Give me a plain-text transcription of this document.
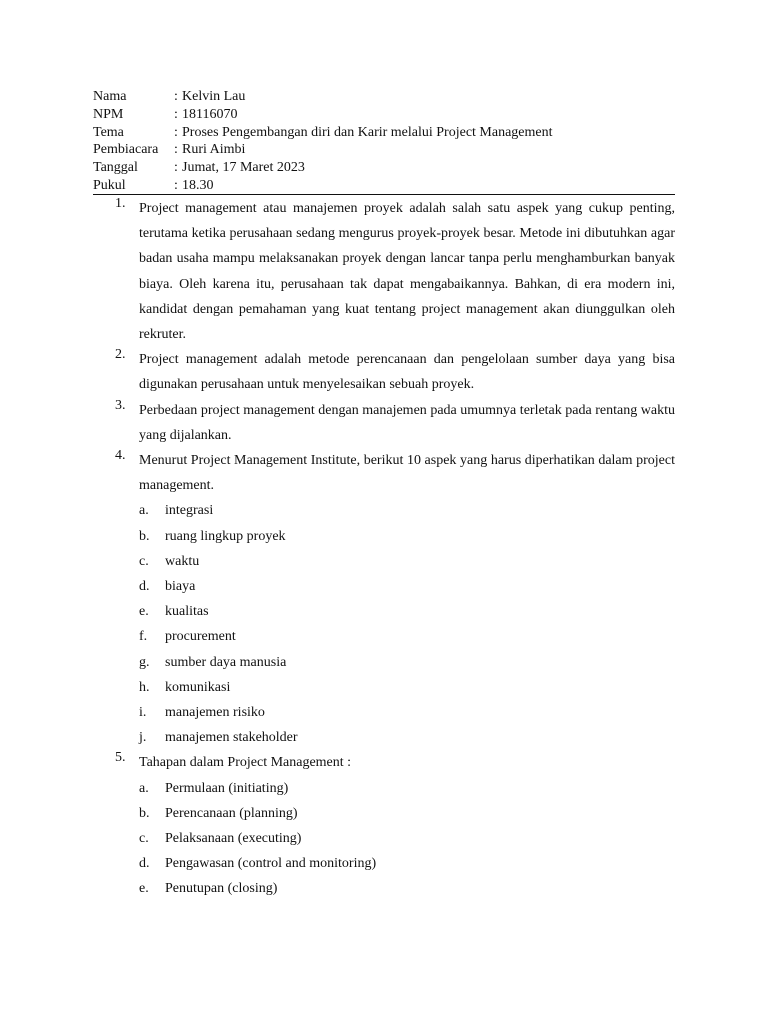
Nama	: Kelvin Lau
NPM	: 18116070
Tema	: Proses Pengembangan diri dan Karir melalui Project Management
Pembiacara	: Ruri Aimbi
Tanggal	: Jumat, 17 Maret 2023
Pukul	: 18.30
1. Project management atau manajemen proyek adalah salah satu aspek yang cukup penting, terutama ketika perusahaan sedang mengurus proyek-proyek besar. Metode ini dibutuhkan agar badan usaha mampu melaksanakan proyek dengan lancar tanpa perlu menghamburkan banyak biaya. Oleh karena itu, perusahaan tak dapat mengabaikannya. Bahkan, di era modern ini, kandidat dengan pemahaman yang kuat tentang project management akan diunggulkan oleh rekruter.

2. Project management adalah metode perencanaan dan pengelolaan sumber daya yang bisa digunakan perusahaan untuk menyelesaikan sebuah proyek.

3. Perbedaan project management dengan manajemen pada umumnya terletak pada rentang waktu yang dijalankan.

4. Menurut Project Management Institute, berikut 10 aspek yang harus diperhatikan dalam project management.

a.	integrasi
b.	ruang lingkup proyek
c.	waktu
d.	biaya
e.	kualitas
f.	procurement
g.	sumber daya manusia
h.	komunikasi
i.	manajemen risiko
j.	manajemen stakeholder
5. Tahapan dalam Project Management :

a.	Permulaan (initiating)
b.	Perencanaan (planning)
c.	Pelaksanaan (executing)
d.	Pengawasan (control and monitoring)
e.	Penutupan (closing)
